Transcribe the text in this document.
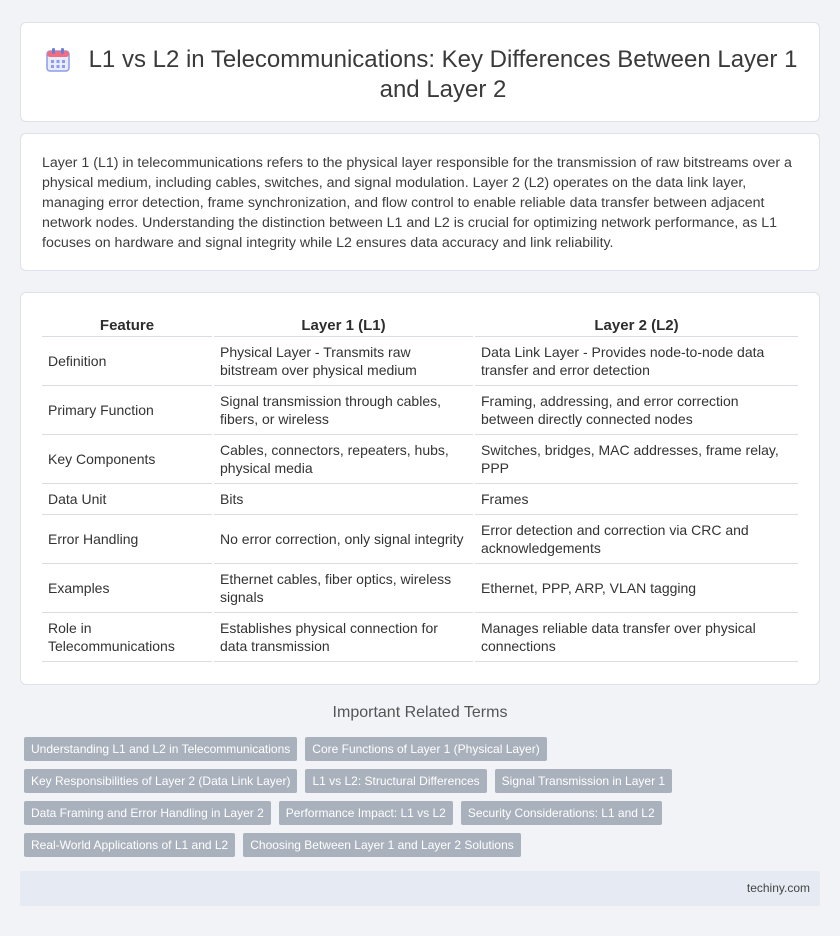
L1 vs L2 in Telecommunications: Key Differences Between Layer 1 and Layer 2

Layer 1 (L1) in telecommunications refers to the physical layer responsible for the transmission of raw bitstreams over a physical medium, including cables, switches, and signal modulation. Layer 2 (L2) operates on the data link layer, managing error detection, frame synchronization, and flow control to enable reliable data transfer between adjacent network nodes. Understanding the distinction between L1 and L2 is crucial for optimizing network performance, as L1 focuses on hardware and signal integrity while L2 ensures data accuracy and link reliability.

Feature	Layer 1 (L1)	Layer 2 (L2)
Definition	Physical Layer - Transmits raw bitstream over physical medium	Data Link Layer - Provides node-to-node data transfer and error detection
Primary Function	Signal transmission through cables, fibers, or wireless	Framing, addressing, and error correction between directly connected nodes
Key Components	Cables, connectors, repeaters, hubs, physical media	Switches, bridges, MAC addresses, frame relay, PPP
Data Unit	Bits	Frames
Error Handling	No error correction, only signal integrity	Error detection and correction via CRC and acknowledgements
Examples	Ethernet cables, fiber optics, wireless signals	Ethernet, PPP, ARP, VLAN tagging
Role in Telecommunications	Establishes physical connection for data transmission	Manages reliable data transfer over physical connections
Important Related Terms
Understanding L1 and L2 in Telecommunications	Core Functions of Layer 1 (Physical Layer)
Key Responsibilities of Layer 2 (Data Link Layer)	L1 vs L2: Structural Differences	Signal Transmission in Layer 1
Data Framing and Error Handling in Layer 2	Performance Impact: L1 vs L2	Security Considerations: L1 and L2
Real-World Applications of L1 and L2	Choosing Between Layer 1 and Layer 2 Solutions
techiny.com
